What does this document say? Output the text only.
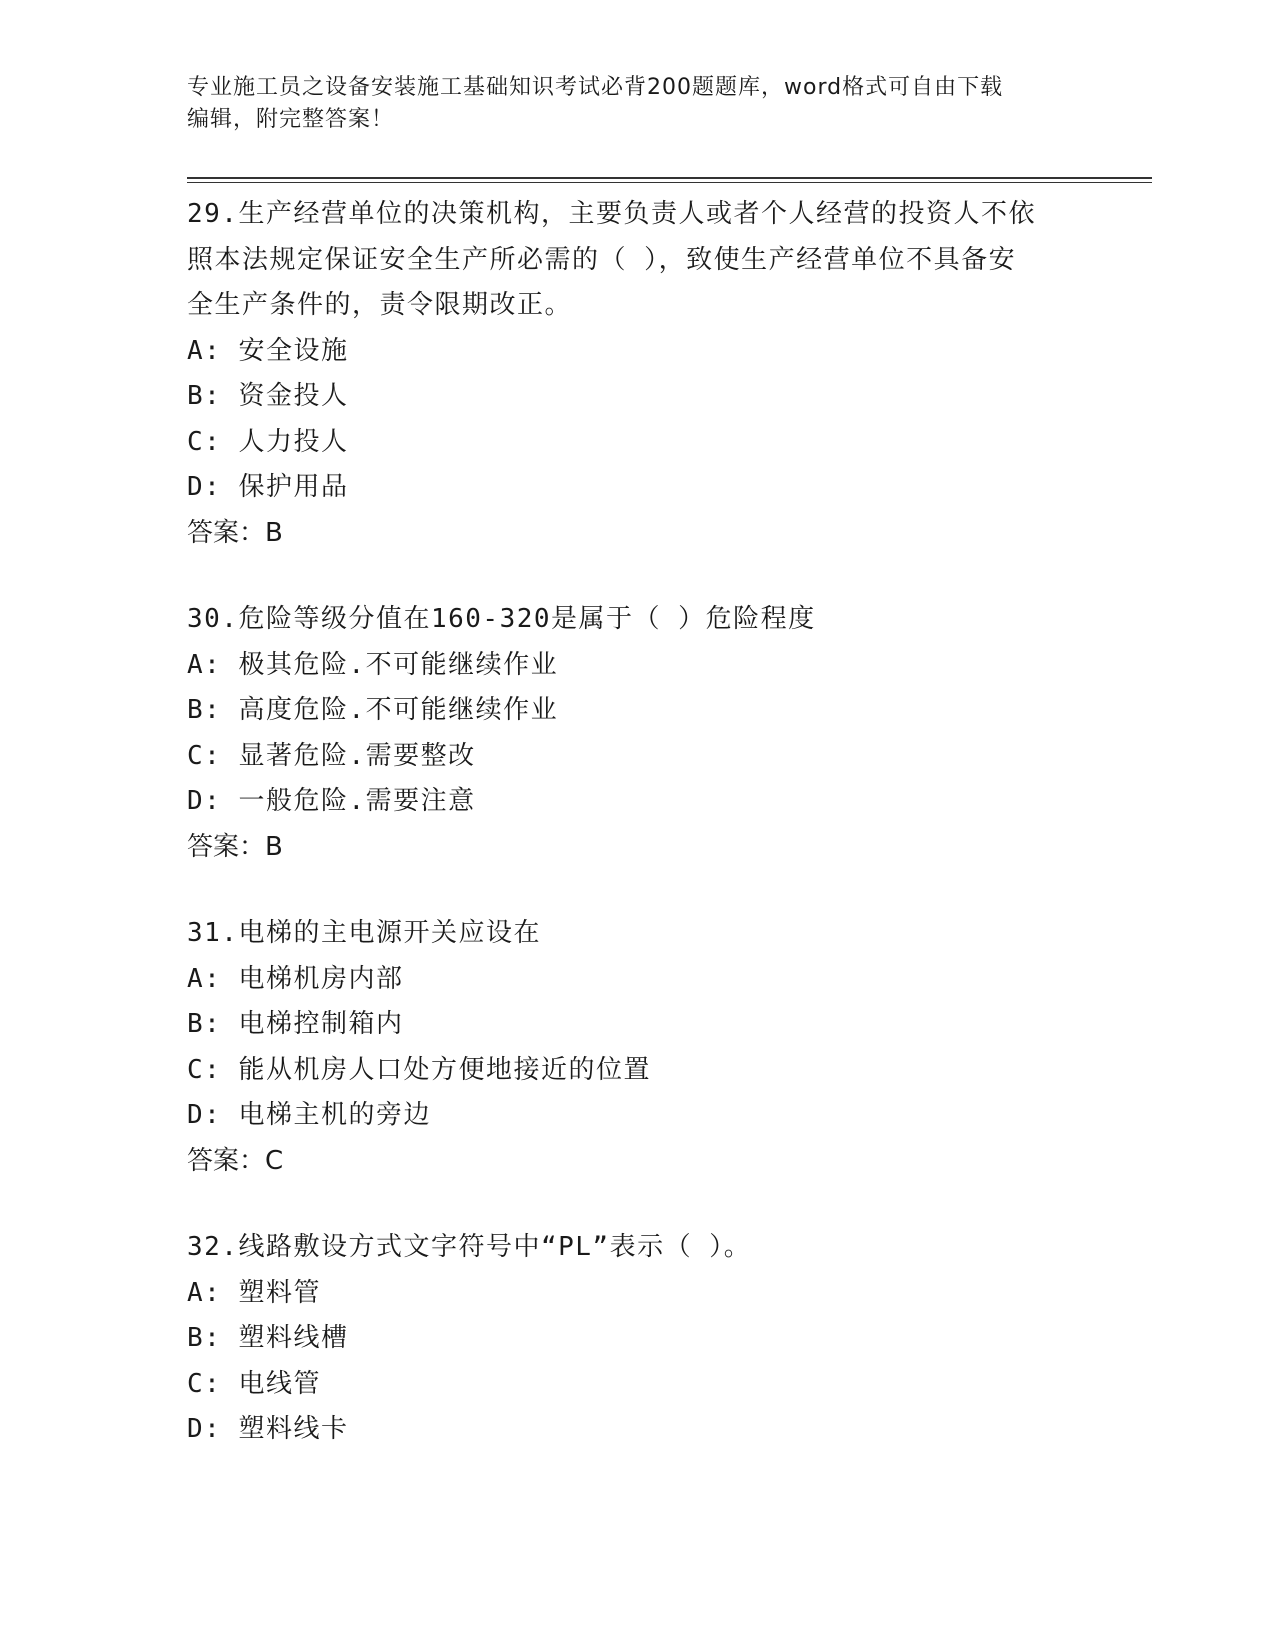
专业施工员之设备安装施工基础知识考试必背200题题库，word格式可自由下载
编辑，附完整答案！

29.生产经营单位的决策机构，主要负责人或者个人经营的投资人不依

照本法规定保证安全生产所必需的（ ），致使生产经营单位不具备安

全生产条件的，责令限期改正。

A: 安全设施

B: 资金投人

C: 人力投人

D: 保护用品

答案：B

30.危险等级分值在160-320是属于（ ）危险程度

A: 极其危险.不可能继续作业

B: 高度危险.不可能继续作业

C: 显著危险.需要整改

D: 一般危险.需要注意

答案：B

31.电梯的主电源开关应设在

A: 电梯机房内部

B: 电梯控制箱内

C: 能从机房人口处方便地接近的位置

D: 电梯主机的旁边

答案：C

32.线路敷设方式文字符号中“PL”表示（ ）。

A: 塑料管

B: 塑料线槽

C: 电线管

D: 塑料线卡
